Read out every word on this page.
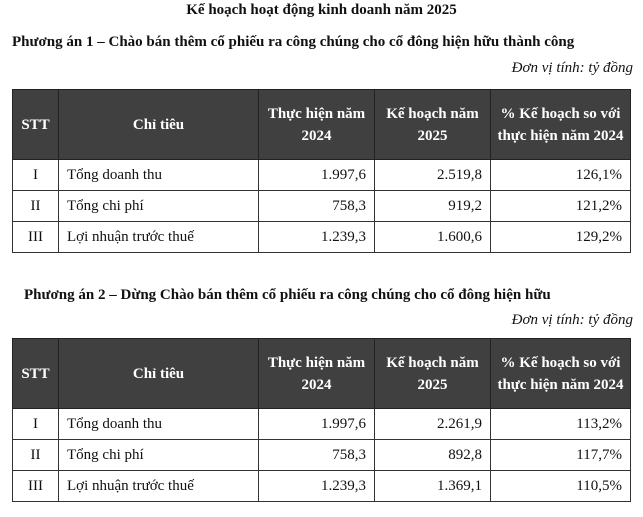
Kế hoạch hoạt động kinh doanh năm 2025
Phương án 1 – Chào bán thêm cổ phiếu ra công chúng cho cổ đông hiện hữu thành công
Đơn vị tính: tỷ đồng
STT	Chỉ tiêu	Thực hiện năm 2024	Kế hoạch năm 2025	% Kế hoạch so với thực hiện năm 2024
I	Tổng doanh thu	1.997,6	2.519,8	126,1%
II	Tổng chi phí	758,3	919,2	121,2%
III	Lợi nhuận trước thuế	1.239,3	1.600,6	129,2%
Phương án 2 – Dừng Chào bán thêm cổ phiếu ra công chúng cho cổ đông hiện hữu
Đơn vị tính: tỷ đồng
STT	Chỉ tiêu	Thực hiện năm 2024	Kế hoạch năm 2025	% Kế hoạch so với thực hiện năm 2024
I	Tổng doanh thu	1.997,6	2.261,9	113,2%
II	Tổng chi phí	758,3	892,8	117,7%
III	Lợi nhuận trước thuế	1.239,3	1.369,1	110,5%
